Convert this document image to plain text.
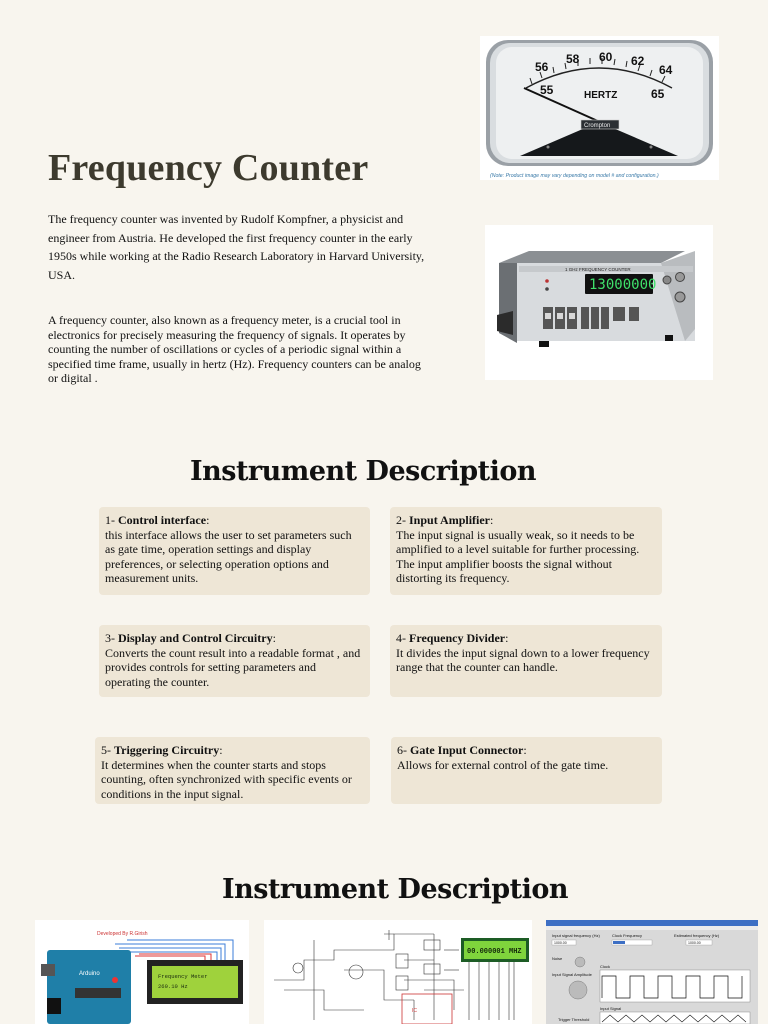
Frequency Counter

The frequency counter was invented by Rudolf Kompfner, a physicist and engineer from Austria. He developed the first frequency counter in the early 1950s while working at the Radio Research Laboratory in Harvard University, USA.

A frequency counter, also known as a frequency meter, is a crucial tool in electronics for precisely measuring the frequency of signals. It operates by counting the number of oscillations or cycles of a periodic signal within a specified time frame, usually in hertz (Hz). Frequency counters can be analog or digital .

56
58 60 62
64
55	65
HERTZ
Crompton
(Note: Product image may vary depending on model # and configuration.)
1 GHz FREQUENCY COUNTER
13000000
Instrument Description
1- Control interface:
this interface allows the user to set parameters such as gate time, operation settings and display preferences, or selecting operation options and measurement units.
2- Input Amplifier:
The input signal is usually weak, so it needs to be amplified to a level suitable for further processing. The input amplifier boosts the signal without distorting its frequency.
3- Display and Control Circuitry:
Converts the count result into a readable format , and provides controls for setting parameters and operating the counter.
4- Frequency Divider:
It divides the input signal down to a lower frequency range that the counter can handle.
5- Triggering Circuitry:
It determines when the counter starts and stops counting, often synchronized with specific events or conditions in the input signal.
6- Gate Input Connector:
Allows for external control of the gate time.
Instrument Description
Developed By R.Girish
Arduino	Frequency Meter
260.10 Hz
IC
00.000001 MHZ
Input signal frequency (Hz)	Clock Frequency	Estimated frequency (Hz)
1000.00	1000.00
Noise
Input Signal Amplitude
Trigger Threshold
Clock
Input Signal
